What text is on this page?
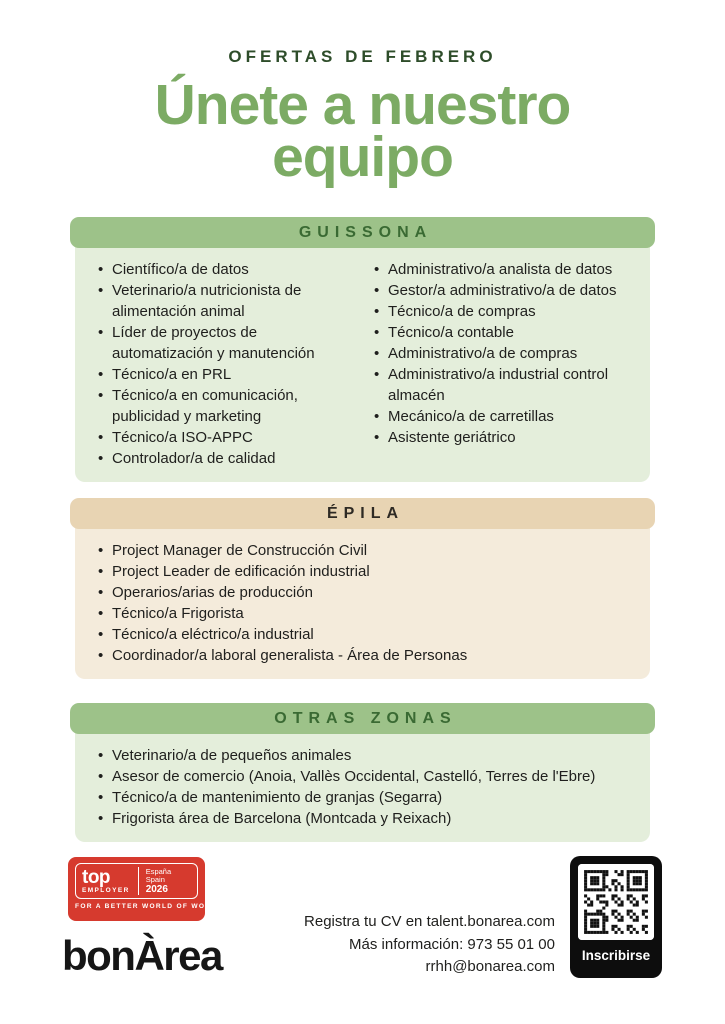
OFERTAS DE FEBRERO
Únete a nuestro
equipo
GUISSONA
• Científico/a de datos
• Veterinario/a nutricionista de alimentación animal
• Líder de proyectos de automatización y manutención
• Técnico/a en PRL
• Técnico/a en comunicación, publicidad y marketing
• Técnico/a ISO-APPC
• Controlador/a de calidad
• Administrativo/a analista de datos
• Gestor/a administrativo/a de datos
• Técnico/a de compras
• Técnico/a contable
• Administrativo/a de compras
• Administrativo/a industrial control almacén
• Mecánico/a de carretillas
• Asistente geriátrico
ÉPILA
• Project Manager de Construcción Civil
• Project Leader de edificación industrial
• Operarios/arias de producción
• Técnico/a Frigorista
• Técnico/a eléctrico/a industrial
• Coordinador/a laboral generalista - Área de Personas
OTRAS ZONAS
• Veterinario/a de pequeños animales
• Asesor de comercio (Anoia, Vallès Occidental, Castelló, Terres de l'Ebre)
• Técnico/a de mantenimiento de granjas (Segarra)
• Frigorista área de Barcelona (Montcada y Reixach)
top
EMPLOYER
España
Spain
2026
FOR A BETTER WORLD OF WORK
bonÀrea
Registra tu CV en talent.bonarea.com
Más información: 973 55 01 00
rrhh@bonarea.com
Inscribirse
